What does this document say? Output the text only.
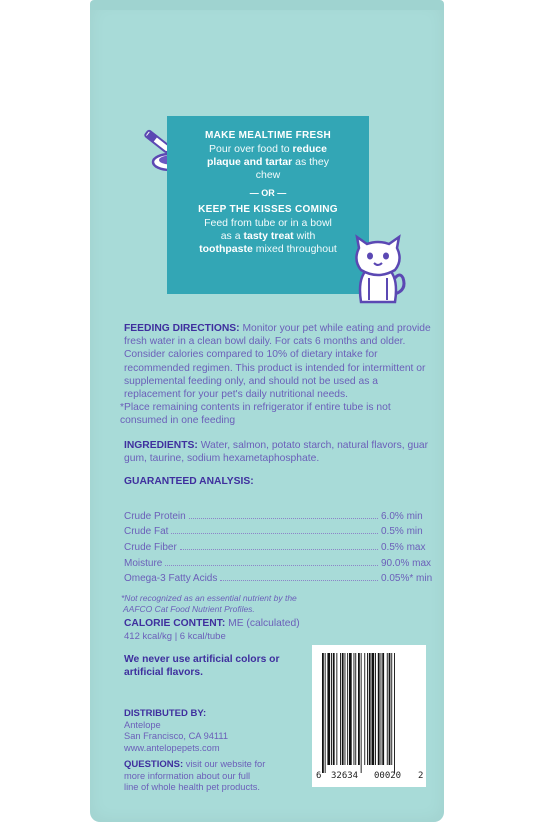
MAKE MEALTIME FRESH
Pour over food to reduce
plaque and tartar as they
chew
— OR —
KEEP THE KISSES COMING
Feed from tube or in a bowl
as a tasty treat with
toothpaste mixed throughout
FEEDING DIRECTIONS: Monitor your pet while eating and provide fresh water in a clean bowl daily. For cats 6 months and older. Consider calories compared to 10% of dietary intake for recommended regimen. This product is intended for intermittent or supplemental feeding only, and should not be used as a replacement for your pet's daily nutritional needs.
*Place remaining contents in refrigerator if entire tube is not consumed in one feeding
INGREDIENTS: Water, salmon, potato starch, natural flavors, guar gum, taurine, sodium hexametaphosphate.
GUARANTEED ANALYSIS:
Crude Protein	6.0% min
Crude Fat	0.5% min
Crude Fiber	0.5% max
Moisture	90.0% max
Omega-3 Fatty Acids	0.05%* min
*Not recognized as an essential nutrient by the
AAFCO Cat Food Nutrient Profiles.
CALORIE CONTENT: ME (calculated)
412 kcal/kg | 6 kcal/tube
We never use artificial colors or
artificial flavors.
DISTRIBUTED BY:
Antelope
San Francisco, CA 94111
www.antelopepets.com
QUESTIONS: visit our website for
more information about our full
line of whole health pet products.
6 32634 00020 2
